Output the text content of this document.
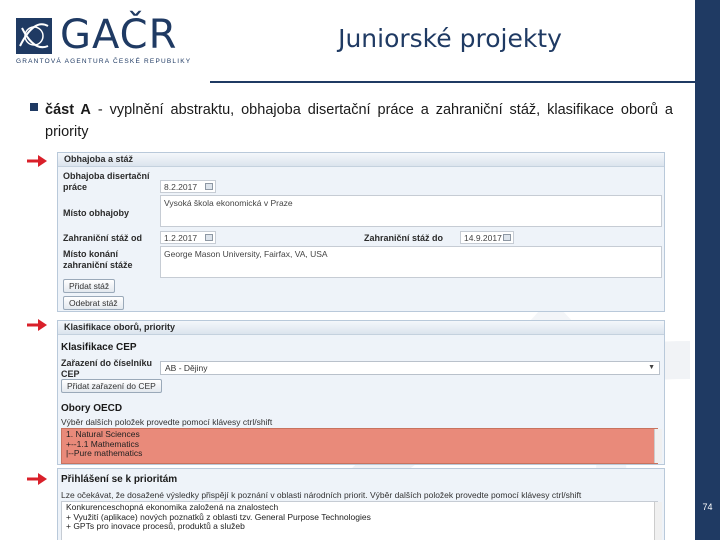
GAČR
GRANTOVÁ AGENTURA ČESKÉ REPUBLIKY
Juniorské projekty
74
část A - vyplnění abstraktu, obhajoba disertační práce a zahraniční stáž, klasifikace oborů a priority
Obhajoba a stáž
Obhajoba disertační práce	8.2.2017
Místo obhajoby
Vysoká škola ekonomická v Praze
Zahraniční stáž od	1.2.2017	Zahraniční stáž do	14.9.2017
Místo konání zahraniční stáže
George Mason University, Fairfax, VA, USA
Přidat stáž
Odebrat stáž
Klasifikace oborů, priority
Klasifikace CEP
Zařazení do číselníku CEP
AB - Dějiny	▼
Přidat zařazení do CEP
Obory OECD
Výběr dalších položek provedte pomocí klávesy ctrl/shift
1. Natural Sciences
+--1.1 Mathematics
|--Pure mathematics
Přihlášení se k prioritám
Lze očekávat, že dosažené výsledky přispějí k poznání v oblasti národních priorit. Výběr dalších položek provedte pomocí klávesy ctrl/shift
Konkurenceschopná ekonomika založená na znalostech
+ Využití (aplikace) nových poznatků z oblasti tzv. General Purpose Technologies
+ GPTs pro inovace procesů, produktů a služeb
